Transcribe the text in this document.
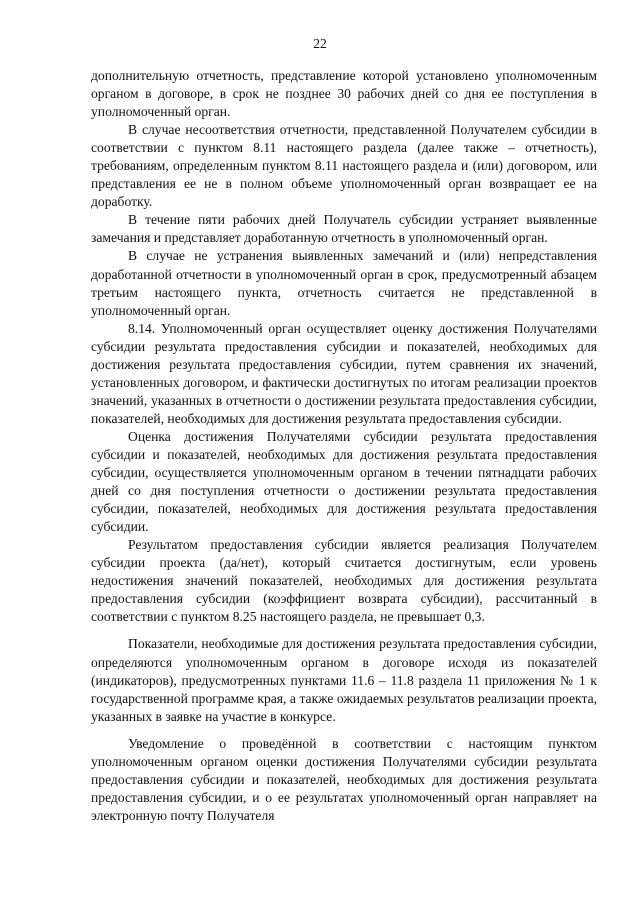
22

дополнительную отчетность, представление которой установлено уполномоченным органом в договоре, в срок не позднее 30 рабочих дней со дня ее поступления в уполномоченный орган.

В случае несоответствия отчетности, представленной Получателем субсидии в соответствии с пунктом 8.11 настоящего раздела (далее также – отчетность), требованиям, определенным пунктом 8.11 настоящего раздела и (или) договором, или представления ее не в полном объеме уполномоченный орган возвращает ее на доработку.

В течение пяти рабочих дней Получатель субсидии устраняет выявленные замечания и представляет доработанную отчетность в уполномоченный орган.

В случае не устранения выявленных замечаний и (или) непредставления доработанной отчетности в уполномоченный орган в срок, предусмотренный абзацем третьим настоящего пункта, отчетность считается не представленной в уполномоченный орган.

8.14. Уполномоченный орган осуществляет оценку достижения Получателями субсидии результата предоставления субсидии и показателей, необходимых для достижения результата предоставления субсидии, путем сравнения их значений, установленных договором, и фактически достигнутых по итогам реализации проектов значений, указанных в отчетности о достижении результата предоставления субсидии, показателей, необходимых для достижения результата предоставления субсидии.

Оценка достижения Получателями субсидии результата предоставления субсидии и показателей, необходимых для достижения результата предоставления субсидии, осуществляется уполномоченным органом в течении пятнадцати рабочих дней со дня поступления отчетности о достижении результата предоставления субсидии, показателей, необходимых для достижения результата предоставления субсидии.

Результатом предоставления субсидии является реализация Получателем субсидии проекта (да/нет), который считается достигнутым, если уровень недостижения значений показателей, необходимых для достижения результата предоставления субсидии (коэффициент возврата субсидии), рассчитанный в соответствии с пунктом 8.25 настоящего раздела, не превышает 0,3.

Показатели, необходимые для достижения результата предоставления субсидии, определяются уполномоченным органом в договоре исходя из показателей (индикаторов), предусмотренных пунктами 11.6 – 11.8 раздела 11 приложения № 1 к государственной программе края, а также ожидаемых результатов реализации проекта, указанных в заявке на участие в конкурсе.

Уведомление о проведённой в соответствии с настоящим пунктом уполномоченным органом оценки достижения Получателями субсидии результата предоставления субсидии и показателей, необходимых для достижения результата предоставления субсидии, и о ее результатах уполномоченный орган направляет на электронную почту Получателя
